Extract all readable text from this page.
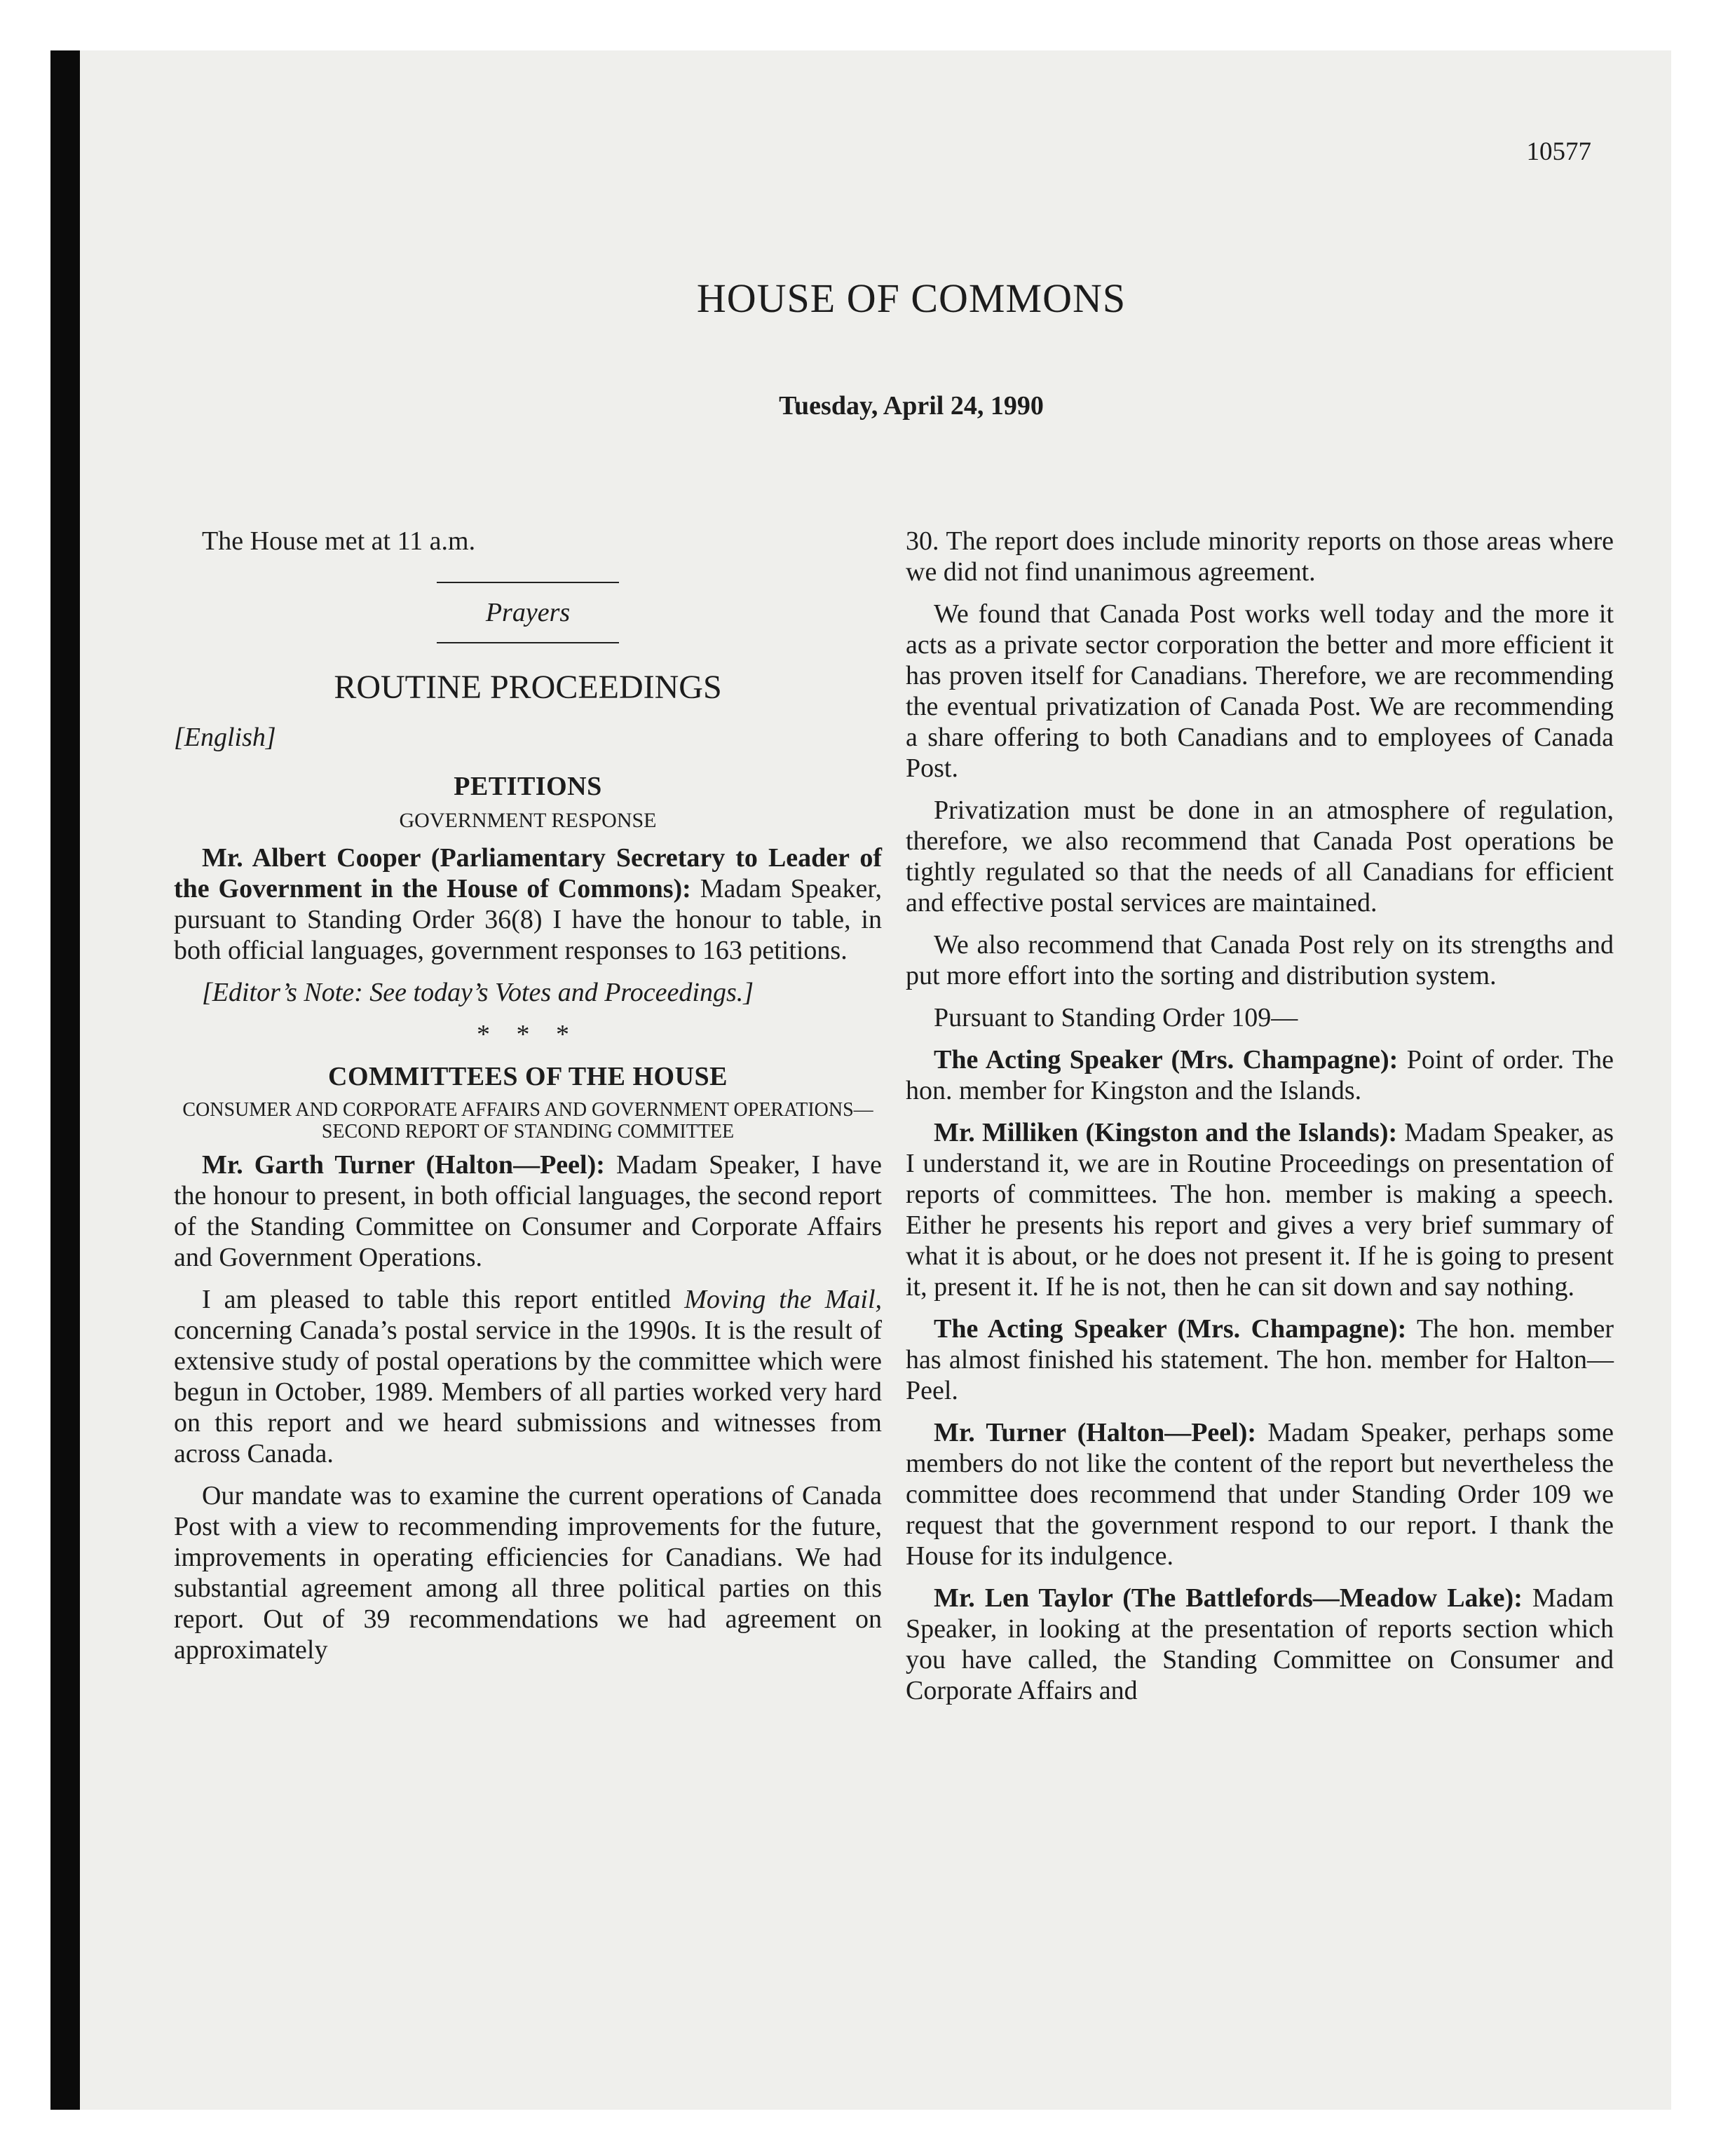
10577
HOUSE OF COMMONS
Tuesday, April 24, 1990

The House met at 11 a.m.

Prayers
ROUTINE PROCEEDINGS
[English]
PETITIONS
GOVERNMENT RESPONSE

Mr. Albert Cooper (Parliamentary Secretary to Leader of the Government in the House of Commons): Madam Speaker, pursuant to Standing Order 36(8) I have the honour to table, in both official languages, government responses to 163 petitions.

[Editor’s Note: See today’s Votes and Proceedings.]

* * *
COMMITTEES OF THE HOUSE
CONSUMER AND CORPORATE AFFAIRS AND GOVERNMENT OPERATIONS—SECOND REPORT OF STANDING COMMITTEE

Mr. Garth Turner (Halton—Peel): Madam Speaker, I have the honour to present, in both official languages, the second report of the Standing Committee on Consumer and Corporate Affairs and Government Operations.

I am pleased to table this report entitled Moving the Mail, concerning Canada’s postal service in the 1990s. It is the result of extensive study of postal operations by the committee which were begun in October, 1989. Members of all parties worked very hard on this report and we heard submissions and witnesses from across Canada.

Our mandate was to examine the current operations of Canada Post with a view to recommending improvements for the future, improvements in operating efficiencies for Canadians. We had substantial agreement among all three political parties on this report. Out of 39 recommendations we had agreement on approximately

30. The report does include minority reports on those areas where we did not find unanimous agreement.

We found that Canada Post works well today and the more it acts as a private sector corporation the better and more efficient it has proven itself for Canadians. Therefore, we are recommending the eventual privatization of Canada Post. We are recommending a share offering to both Canadians and to employees of Canada Post.

Privatization must be done in an atmosphere of regulation, therefore, we also recommend that Canada Post operations be tightly regulated so that the needs of all Canadians for efficient and effective postal services are maintained.

We also recommend that Canada Post rely on its strengths and put more effort into the sorting and distribution system.

Pursuant to Standing Order 109—

The Acting Speaker (Mrs. Champagne): Point of order. The hon. member for Kingston and the Islands.

Mr. Milliken (Kingston and the Islands): Madam Speaker, as I understand it, we are in Routine Proceedings on presentation of reports of committees. The hon. member is making a speech. Either he presents his report and gives a very brief summary of what it is about, or he does not present it. If he is going to present it, present it. If he is not, then he can sit down and say nothing.

The Acting Speaker (Mrs. Champagne): The hon. member has almost finished his statement. The hon. member for Halton—Peel.

Mr. Turner (Halton—Peel): Madam Speaker, perhaps some members do not like the content of the report but nevertheless the committee does recommend that under Standing Order 109 we request that the government respond to our report. I thank the House for its indulgence.

Mr. Len Taylor (The Battlefords—Meadow Lake): Madam Speaker, in looking at the presentation of reports section which you have called, the Standing Committee on Consumer and Corporate Affairs and
